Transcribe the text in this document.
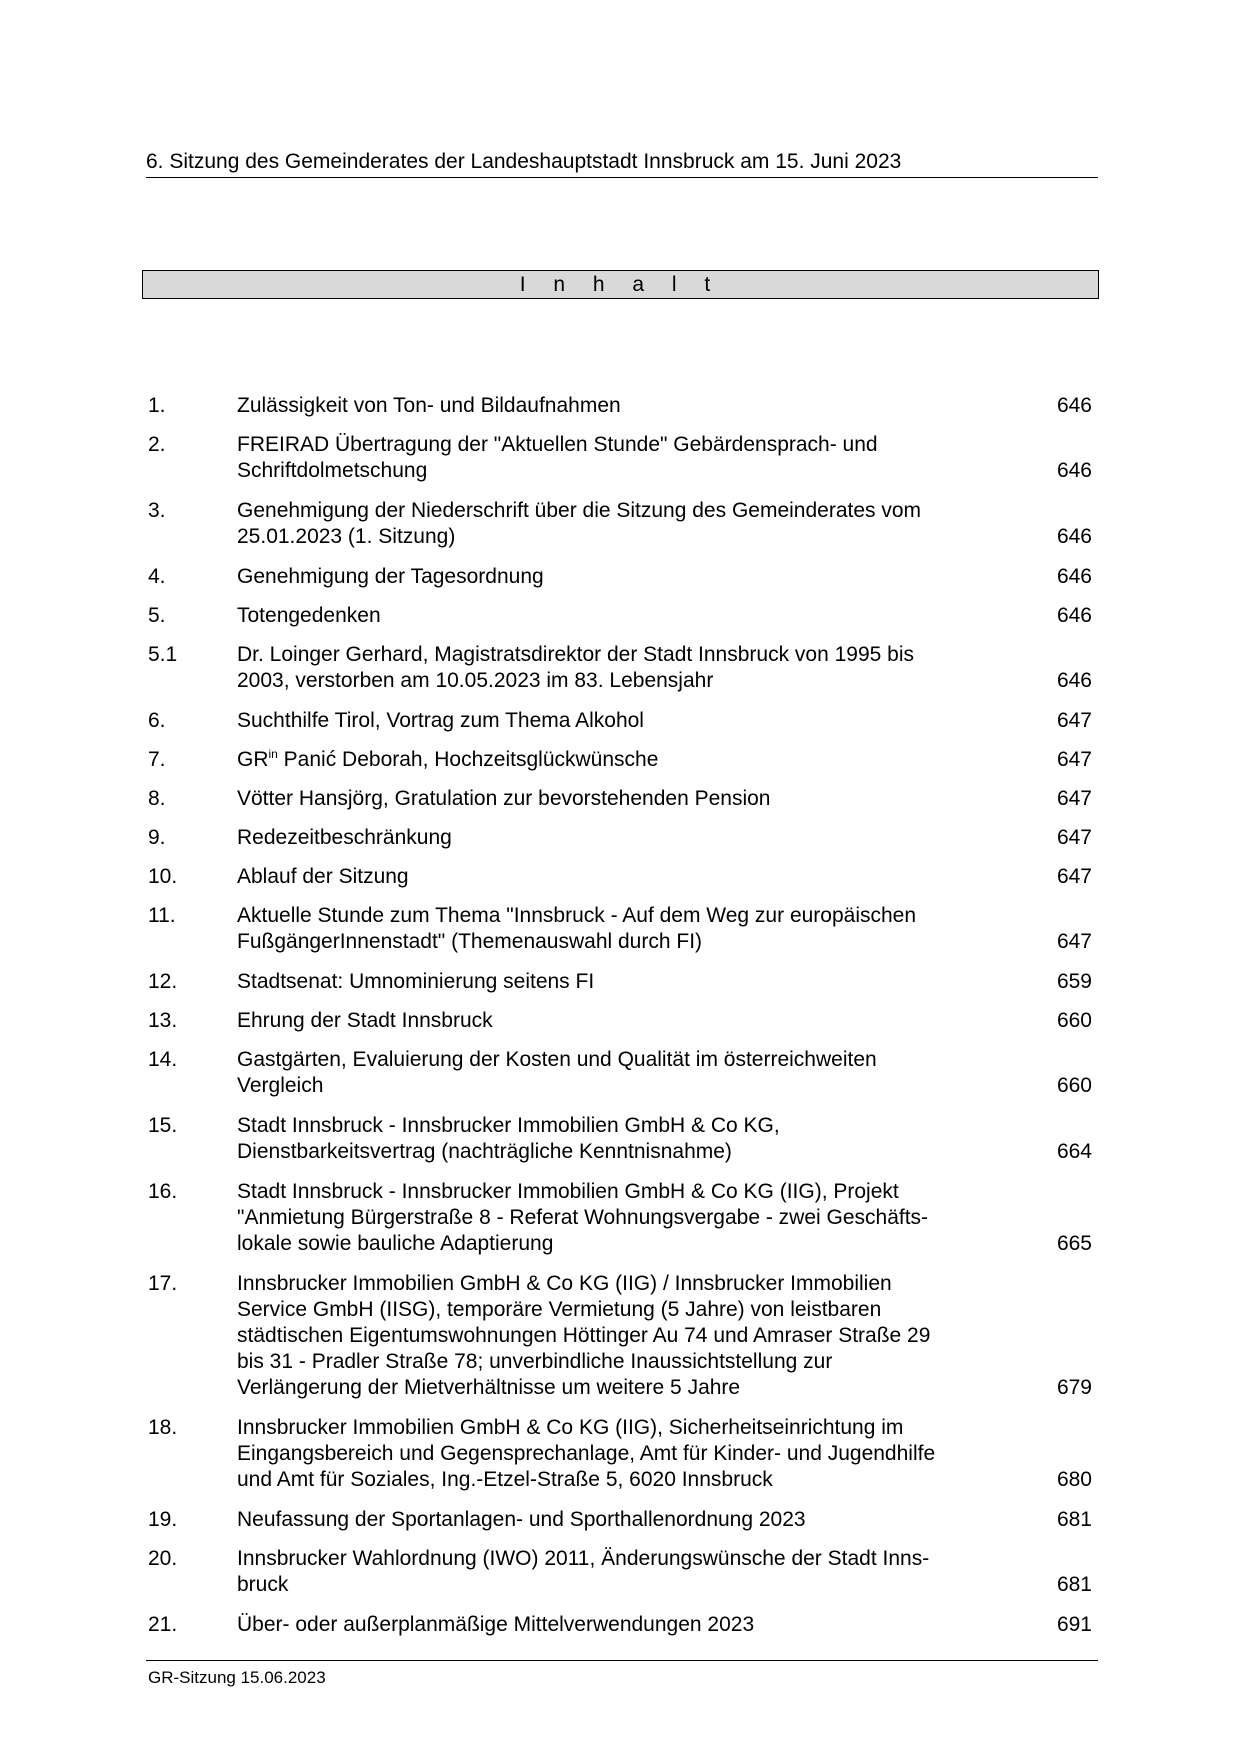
6. Sitzung des Gemeinderates der Landeshauptstadt Innsbruck am 15. Juni 2023
I n h a l t
1.	Zulässigkeit von Ton- und Bildaufnahmen	646
2.	FREIRAD Übertragung der "Aktuellen Stunde" Gebärdensprach- und
Schriftdolmetschung	646
3.	Genehmigung der Niederschrift über die Sitzung des Gemeinderates vom
25.01.2023 (1. Sitzung)	646
4.	Genehmigung der Tagesordnung	646
5.	Totengedenken	646
5.1	Dr. Loinger Gerhard, Magistratsdirektor der Stadt Innsbruck von 1995 bis
2003, verstorben am 10.05.2023 im 83. Lebensjahr	646
6.	Suchthilfe Tirol, Vortrag zum Thema Alkohol	647
7.	$GR^{in}$ Panić Deborah, Hochzeitsglückwünsche	647
8.	Vötter Hansjörg, Gratulation zur bevorstehenden Pension	647
9.	Redezeitbeschränkung	647
10.	Ablauf der Sitzung	647
11.	Aktuelle Stunde zum Thema "Innsbruck - Auf dem Weg zur europäischen
FußgängerInnenstadt" (Themenauswahl durch FI)	647
12.	Stadtsenat: Umnominierung seitens FI	659
13.	Ehrung der Stadt Innsbruck	660
14.	Gastgärten, Evaluierung der Kosten und Qualität im österreichweiten
Vergleich	660
15.	Stadt Innsbruck - Innsbrucker Immobilien GmbH & Co KG,
Dienstbarkeitsvertrag (nachträgliche Kenntnisnahme)	664
16.	Stadt Innsbruck - Innsbrucker Immobilien GmbH & Co KG (IIG), Projekt
"Anmietung Bürgerstraße 8 - Referat Wohnungsvergabe - zwei Geschäfts-
lokale sowie bauliche Adaptierung	665
17.	Innsbrucker Immobilien GmbH & Co KG (IIG) / Innsbrucker Immobilien
Service GmbH (IISG), temporäre Vermietung (5 Jahre) von leistbaren
städtischen Eigentumswohnungen Höttinger Au 74 und Amraser Straße 29
bis 31 - Pradler Straße 78; unverbindliche Inaussichtstellung zur
Verlängerung der Mietverhältnisse um weitere 5 Jahre	679
18.	Innsbrucker Immobilien GmbH & Co KG (IIG), Sicherheitseinrichtung im
Eingangsbereich und Gegensprechanlage, Amt für Kinder- und Jugendhilfe
und Amt für Soziales, Ing.-Etzel-Straße 5, 6020 Innsbruck	680
19.	Neufassung der Sportanlagen- und Sporthallenordnung 2023	681
20.	Innsbrucker Wahlordnung (IWO) 2011, Änderungswünsche der Stadt Inns-
bruck	681
21.	Über- oder außerplanmäßige Mittelverwendungen 2023	691
GR-Sitzung 15.06.2023
